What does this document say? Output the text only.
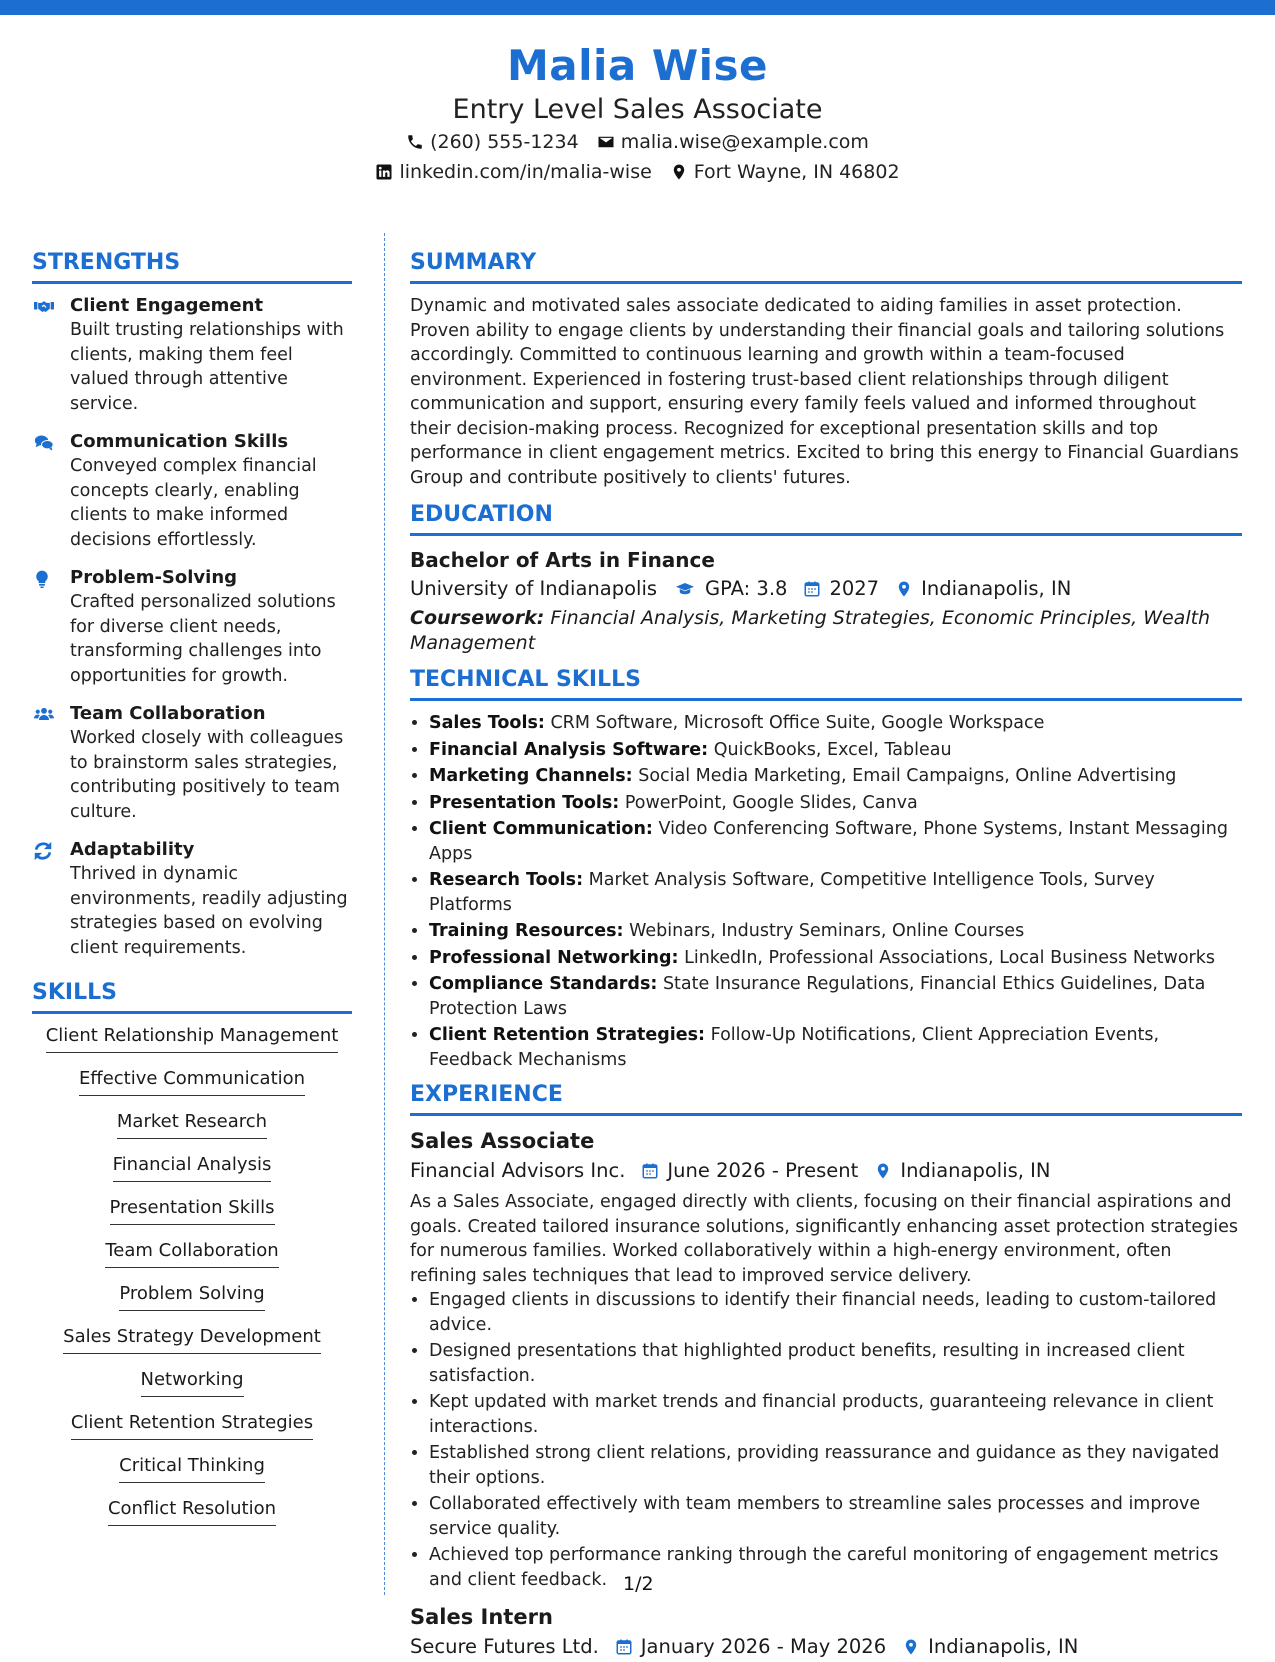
Malia Wise
Entry Level Sales Associate
(260) 555-1234 malia.wise@example.com
linkedin.com/in/malia-wise Fort Wayne, IN 46802
STRENGTHS
Client Engagement
Built trusting relationships with clients, making them feel valued through attentive service.
Communication Skills
Conveyed complex financial concepts clearly, enabling clients to make informed decisions effortlessly.
Problem-Solving
Crafted personalized solutions for diverse client needs, transforming challenges into opportunities for growth.
Team Collaboration
Worked closely with colleagues to brainstorm sales strategies, contributing positively to team culture.
Adaptability
Thrived in dynamic environments, readily adjusting strategies based on evolving client requirements.
SKILLS
Client Relationship Management
Effective Communication
Market Research
Financial Analysis
Presentation Skills
Team Collaboration
Problem Solving
Sales Strategy Development
Networking
Client Retention Strategies
Critical Thinking
Conflict Resolution
SUMMARY
Dynamic and motivated sales associate dedicated to aiding families in asset protection. Proven ability to engage clients by understanding their financial goals and tailoring solutions accordingly. Committed to continuous learning and growth within a team-focused environment. Experienced in fostering trust-based client relationships through diligent communication and support, ensuring every family feels valued and informed throughout their decision-making process. Recognized for exceptional presentation skills and top performance in client engagement metrics. Excited to bring this energy to Financial Guardians Group and contribute positively to clients' futures.
EDUCATION
Bachelor of Arts in Finance
University of Indianapolis GPA: 3.8 2027 Indianapolis, IN
Coursework: Financial Analysis, Marketing Strategies, Economic Principles, Wealth Management
TECHNICAL SKILLS
• Sales Tools: CRM Software, Microsoft Office Suite, Google Workspace
• Financial Analysis Software: QuickBooks, Excel, Tableau
• Marketing Channels: Social Media Marketing, Email Campaigns, Online Advertising
• Presentation Tools: PowerPoint, Google Slides, Canva
• Client Communication: Video Conferencing Software, Phone Systems, Instant Messaging Apps
• Research Tools: Market Analysis Software, Competitive Intelligence Tools, Survey Platforms
• Training Resources: Webinars, Industry Seminars, Online Courses
• Professional Networking: LinkedIn, Professional Associations, Local Business Networks
• Compliance Standards: State Insurance Regulations, Financial Ethics Guidelines, Data Protection Laws
• Client Retention Strategies: Follow-Up Notifications, Client Appreciation Events, Feedback Mechanisms
EXPERIENCE
Sales Associate
Financial Advisors Inc. June 2026 - Present Indianapolis, IN
As a Sales Associate, engaged directly with clients, focusing on their financial aspirations and goals. Created tailored insurance solutions, significantly enhancing asset protection strategies for numerous families. Worked collaboratively within a high-energy environment, often refining sales techniques that lead to improved service delivery.
• Engaged clients in discussions to identify their financial needs, leading to custom-tailored advice.
• Designed presentations that highlighted product benefits, resulting in increased client satisfaction.
• Kept updated with market trends and financial products, guaranteeing relevance in client interactions.
• Established strong client relations, providing reassurance and guidance as they navigated their options.
• Collaborated effectively with team members to streamline sales processes and improve service quality.
• Achieved top performance ranking through the careful monitoring of engagement metrics and client feedback.
Sales Intern
Secure Futures Ltd. January 2026 - May 2026 Indianapolis, IN
1/2
